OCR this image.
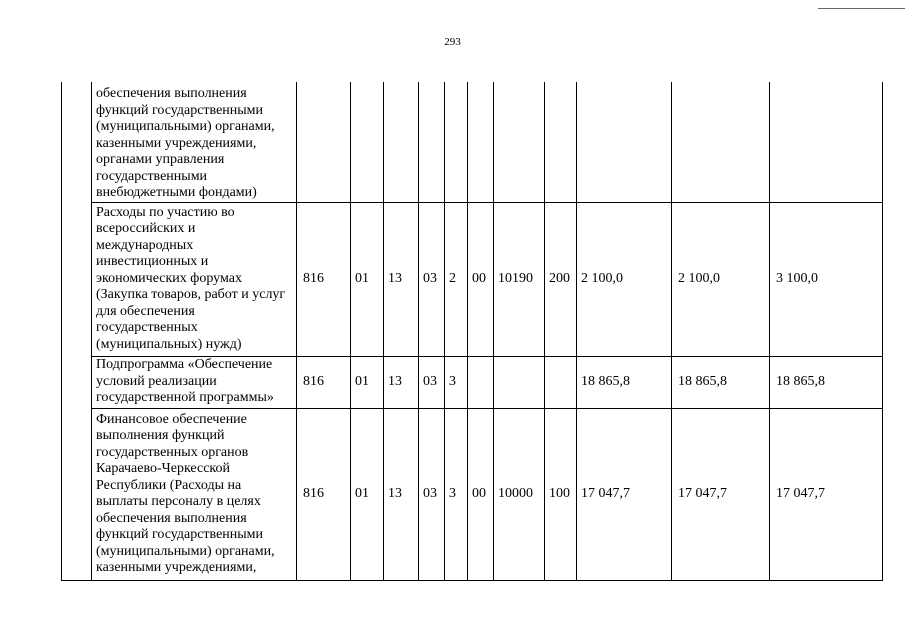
293
	обеспечения выполнения функций государственными (муниципальными) органами, казенными учреждениями, органами управления государственными внебюджетными фондами)											
	Расходы по участию во всероссийских и международных инвестиционных и экономических форумах (Закупка товаров, работ и услуг для обеспечения государственных (муниципальных) нужд)	816	01	13	03	2	00	10190	200	2 100,0	2 100,0	3 100,0
	Подпрограмма «Обеспечение условий реализации государственной программы»	816	01	13	03	3				18 865,8	18 865,8	18 865,8
	Финансовое обеспечение выполнения функций государственных органов Карачаево-Черкесской Республики (Расходы на выплаты персоналу в целях обеспечения выполнения функций государственными (муниципальными) органами, казенными учреждениями,	816	01	13	03	3	00	10000	100	17 047,7	17 047,7	17 047,7
